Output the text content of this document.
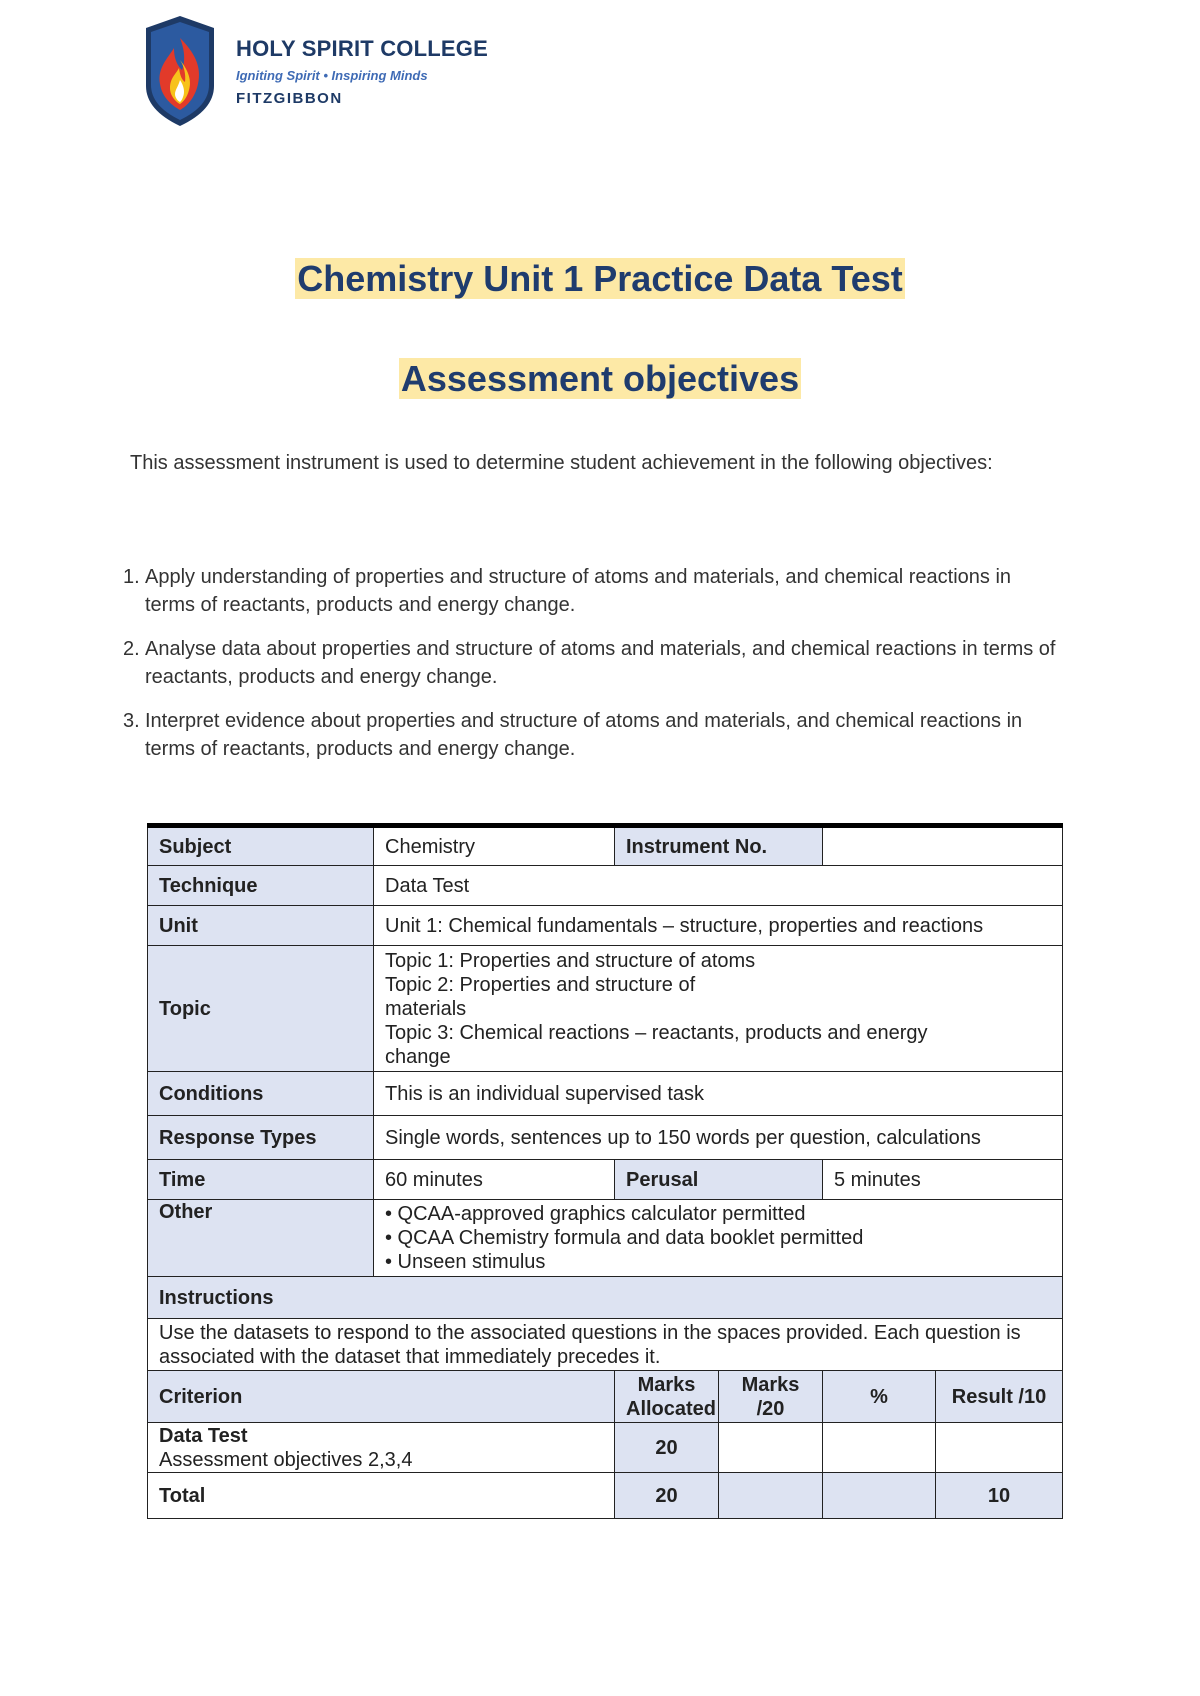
HOLY SPIRIT COLLEGE
Igniting Spirit • Inspiring Minds
FITZGIBBON
Chemistry Unit 1 Practice Data Test
Assessment objectives
This assessment instrument is used to determine student achievement in the following objectives:
1. Apply understanding of properties and structure of atoms and materials, and chemical reactions in terms of reactants, products and energy change.
2. Analyse data about properties and structure of atoms and materials, and chemical reactions in terms of reactants, products and energy change.
3. Interpret evidence about properties and structure of atoms and materials, and chemical reactions in terms of reactants, products and energy change.
Subject	Chemistry	Instrument No.			
Technique	Data Test				
Unit	Unit 1: Chemical fundamentals – structure, properties and reactions				
Topic	Topic 1: Properties and structure of atoms
Topic 2: Properties and structure of
materials
Topic 3: Chemical reactions – reactants, products and energy
change				

Conditions	This is an individual supervised task				
Response Types	Single words, sentences up to 150 words per question, calculations				
Time	60 minutes	Perusal		5 minutes	
Other	• QCAA-approved graphics calculator permitted
• QCAA Chemistry formula and data booklet permitted
• Unseen stimulus				

Instructions					
Use the datasets to respond to the associated questions in the spaces provided. Each question is associated with the dataset that immediately precedes it.					
Criterion		Marks Allocated	Marks /20	%	Result /10

Data Test
Assessment objectives 2,3,4		20			
Total		20			10
